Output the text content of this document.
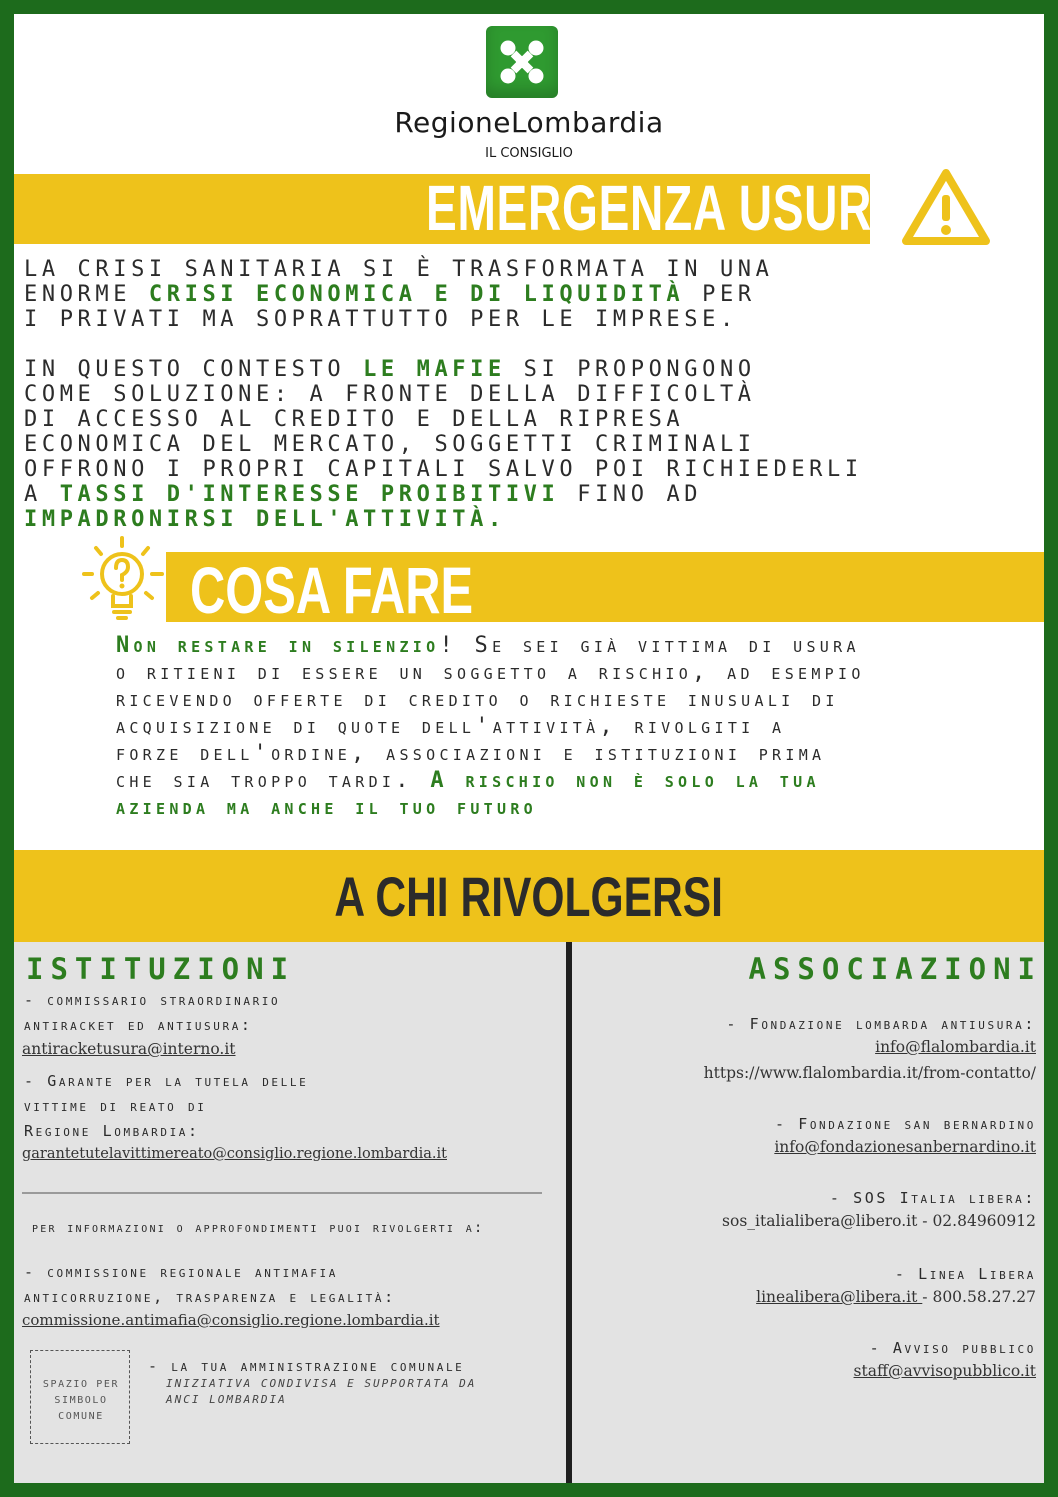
RegioneLombardia
IL CONSIGLIO
EMERGENZA USURA
LA CRISI SANITARIA SI È TRASFORMATA IN UNA
ENORME CRISI ECONOMICA E DI LIQUIDITÀ PER
I PRIVATI MA SOPRATTUTTO PER LE IMPRESE.
IN QUESTO CONTESTO LE MAFIE SI PROPONGONO
COME SOLUZIONE: A FRONTE DELLA DIFFICOLTÀ
DI ACCESSO AL CREDITO E DELLA RIPRESA
ECONOMICA DEL MERCATO, SOGGETTI CRIMINALI
OFFRONO I PROPRI CAPITALI SALVO POI RICHIEDERLI
A TASSI D'INTERESSE PROIBITIVI FINO AD
IMPADRONIRSI DELL'ATTIVITÀ.
COSA FARE
Non restare in silenzio! Se sei già vittima di usura
o ritieni di essere un soggetto a rischio, ad esempio
ricevendo offerte di credito o richieste inusuali di
acquisizione di quote dell'attività, rivolgiti a
forze dell'ordine, associazioni e istituzioni prima
che sia troppo tardi. A rischio non è solo la tua
azienda ma anche il tuo futuro
A CHI RIVOLGERSI
ISTITUZIONI
- commissario straordinario
antiracket ed antiusura:
antiracketusura@interno.it
- Garante per la tutela delle
vittime di reato di
Regione Lombardia:
garantetutelavittimereato@consiglio.regione.lombardia.it
per informazioni o approfondimenti puoi rivolgerti a:
- commissione regionale antimafia
anticorruzione, trasparenza e legalità:
commissione.antimafia@consiglio.regione.lombardia.it
SPAZIO PER SIMBOLO COMUNE
- la tua amministrazione comunale
INIZIATIVA CONDIVISA E SUPPORTATA DA
ANCI LOMBARDIA
ASSOCIAZIONI
- Fondazione lombarda antiusura:
info@flalombardia.it
https://www.flalombardia.it/from-contatto/
- Fondazione san bernardino
info@fondazionesanbernardino.it
- SOS Italia libera:
sos_italialibera@libero.it - 02.84960912
- Linea Libera
linealibera@libera.it - 800.58.27.27
- Avviso pubblico
staff@avvisopubblico.it
